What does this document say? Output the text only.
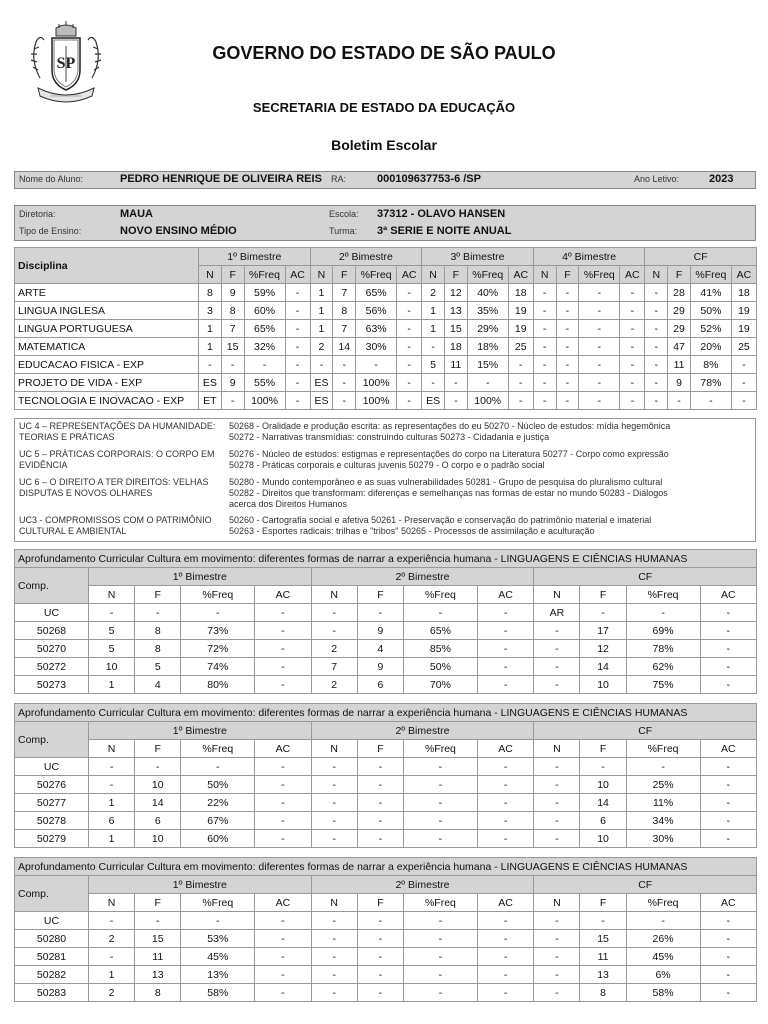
SP
GOVERNO DO ESTADO DE SÃO PAULO
SECRETARIA DE ESTADO DA EDUCAÇÃO
Boletim Escolar
Nome do Aluno:	PEDRO HENRIQUE DE OLIVEIRA REIS RA:	000109637753-6 /SP	Ano Letivo:	2023
Diretoria:	MAUA	Escola: 37312 - OLAVO HANSEN
Tipo de Ensino:	NOVO ENSINO MÉDIO	Turma: 3ª SERIE E NOITE ANUAL
Disciplina	1º Bimestre				2º Bimestre				3º Bimestre				4º Bimestre				CF			
	N	F	%Freq	AC	N	F	%Freq	AC	N	F	%Freq	AC	N	F	%Freq	AC	N	F	%Freq	AC
ARTE	8	9	59%	-	1	7	65%	-	2	12	40%	18	-	-	-	-	-	28	41%	18
LINGUA INGLESA	3	8	60%	-	1	8	56%	-	1	13	35%	19	-	-	-	-	-	29	50%	19
LINGUA PORTUGUESA	1	7	65%	-	1	7	63%	-	1	15	29%	19	-	-	-	-	-	29	52%	19
MATEMATICA	1	15	32%	-	2	14	30%	-	-	18	18%	25	-	-	-	-	-	47	20%	25
EDUCACAO FISICA - EXP	-	-	-	-	-	-	-	-	5	11	15%	-	-	-	-	-	-	11	8%	-
PROJETO DE VIDA - EXP	ES	9	55%	-	ES	-	100%	-	-	-	-	-	-	-	-	-	-	9	78%	-
TECNOLOGIA E INOVACAO - EXP	ET	-	100%	-	ES	-	100%	-	ES	-	100%	-	-	-	-	-	-	-	-	-
UC 4 – REPRESENTAÇÕES DA HUMANIDADE: TEORIAS E PRÁTICAS
50268 - Oralidade e produção escrita: as representações do eu 50270 - Núcleo de estudos: mídia hegemônica
50272 - Narrativas transmídias: construindo culturas 50273 - Cidadania e justiça
UC 5 – PRÁTICAS CORPORAIS: O CORPO EM EVIDÊNCIA
50276 - Núcleo de estudos: estigmas e representações do corpo na Literatura 50277 - Corpo como expressão
50278 - Práticas corporais e culturas juvenis 50279 - O corpo e o padrão social
UC 6 – O DIREITO A TER DIREITOS: VELHAS DISPUTAS E NOVOS OLHARES
50280 - Mundo contemporâneo e as suas vulnerabilidades 50281 - Grupo de pesquisa do pluralismo cultural
50282 - Direitos que transformam: diferenças e semelhanças nas formas de estar no mundo 50283 - Diálogos
acerca dos Direitos Humanos
UC3 - COMPROMISSOS COM O PATRIMÔNIO CULTURAL E AMBIENTAL
50260 - Cartografia social e afetiva 50261 - Preservação e conservação do patrimônio material e imaterial
50263 - Esportes radicais: trilhas e "tribos" 50265 - Processos de assimilação e aculturação
Aprofundamento Curricular Cultura em movimento: diferentes formas de narrar a experiência humana - LINGUAGENS E CIÊNCIAS HUMANAS												
Comp.	1º Bimestre				2º Bimestre				CF			
	N	F	%Freq	AC	N	F	%Freq	AC	N	F	%Freq	AC
UC	-	-	-	-	-	-	-	-	AR	-	-	-
50268	5	8	73%	-	-	9	65%	-	-	17	69%	-
50270	5	8	72%	-	2	4	85%	-	-	12	78%	-
50272	10	5	74%	-	7	9	50%	-	-	14	62%	-
50273	1	4	80%	-	2	6	70%	-	-	10	75%	-
Aprofundamento Curricular Cultura em movimento: diferentes formas de narrar a experiência humana - LINGUAGENS E CIÊNCIAS HUMANAS												
Comp.	1º Bimestre				2º Bimestre				CF			
	N	F	%Freq	AC	N	F	%Freq	AC	N	F	%Freq	AC
UC	-	-	-	-	-	-	-	-	-	-	-	-
50276	-	10	50%	-	-	-	-	-	-	10	25%	-
50277	1	14	22%	-	-	-	-	-	-	14	11%	-
50278	6	6	67%	-	-	-	-	-	-	6	34%	-
50279	1	10	60%	-	-	-	-	-	-	10	30%	-
Aprofundamento Curricular Cultura em movimento: diferentes formas de narrar a experiência humana - LINGUAGENS E CIÊNCIAS HUMANAS												
Comp.	1º Bimestre				2º Bimestre				CF			
	N	F	%Freq	AC	N	F	%Freq	AC	N	F	%Freq	AC
UC	-	-	-	-	-	-	-	-	-	-	-	-
50280	2	15	53%	-	-	-	-	-	-	15	26%	-
50281	-	11	45%	-	-	-	-	-	-	11	45%	-
50282	1	13	13%	-	-	-	-	-	-	13	6%	-
50283	2	8	58%	-	-	-	-	-	-	8	58%	-
